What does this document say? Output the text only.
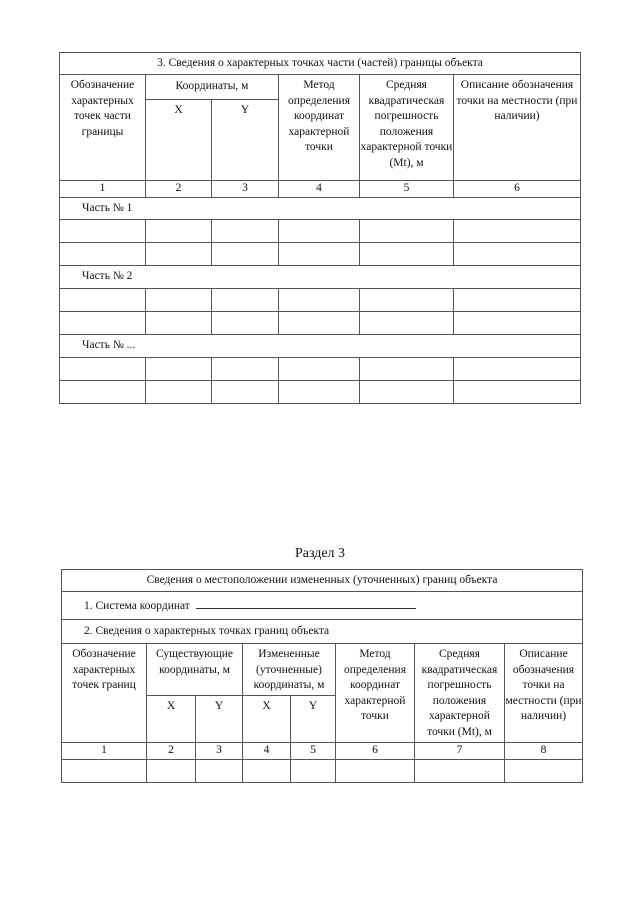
3. Сведения о характерных точках части (частей) границы объекта					
Обозначение характерных точек части границы	Координаты, м		Метод определения координат характерной точки	Средняя квадратическая погрешность положения характерной точки (Mt), м	Описание обозначения точки на местности (при наличии)
	X	Y			
1	2	3	4	5	6
Часть № 1					

Часть № 2					

Часть № ...					

Раздел 3
Сведения о местоположении измененных (уточненных) границ объекта							
1. Система координат							
2. Сведения о характерных точках границ объекта							
Обозначение характерных точек границ	Существующие координаты, м		Измененные (уточненные) координаты, м		Метод определения координат характерной точки	Средняя квадратическая погрешность положения характерной точки (Mt), м	Описание обозначения точки на местности (при наличии)
	X	Y	X	Y			
1	2	3	4	5	6	7	8
